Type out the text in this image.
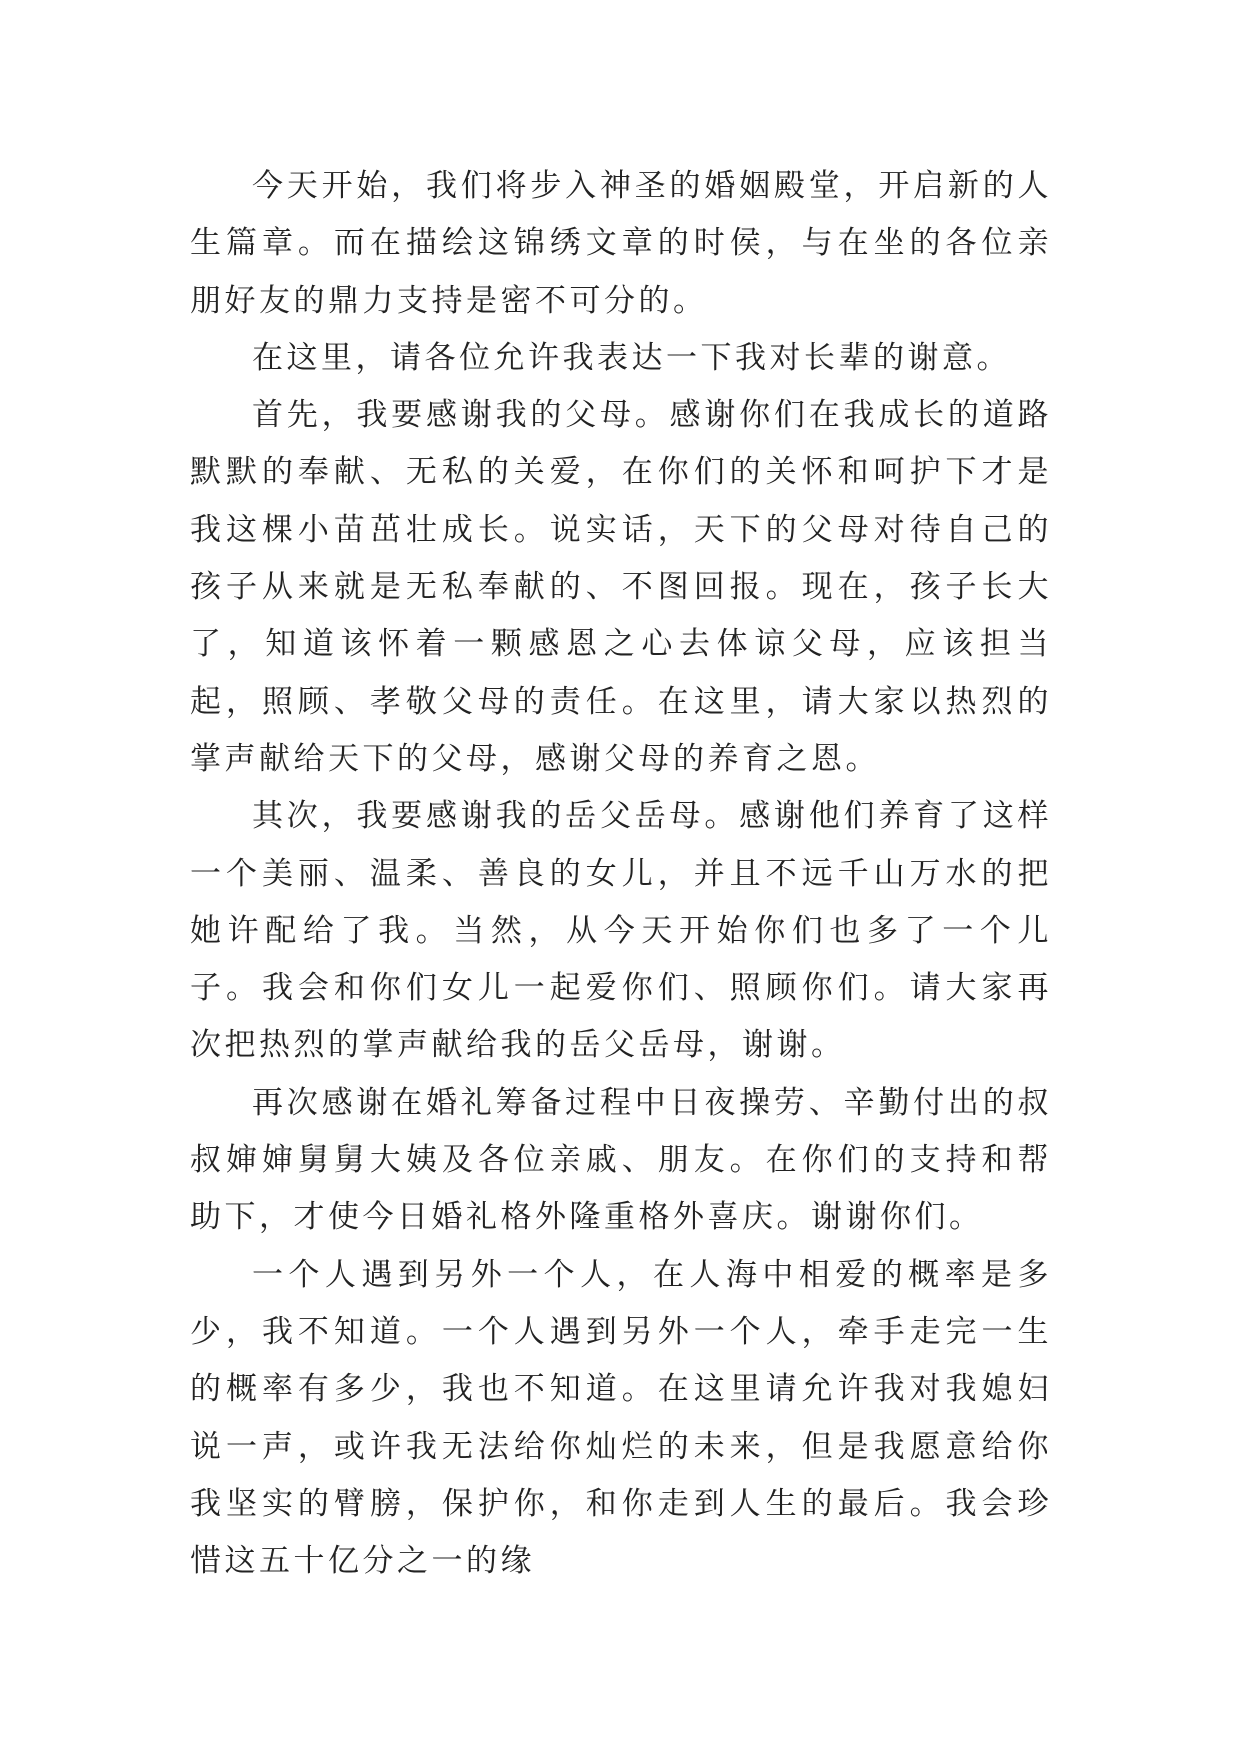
今天开始，我们将步入神圣的婚姻殿堂，开启新的人生篇章。而在描绘这锦绣文章的时侯，与在坐的各位亲朋好友的鼎力支持是密不可分的。

在这里，请各位允许我表达一下我对长辈的谢意。

首先，我要感谢我的父母。感谢你们在我成长的道路默默的奉献、无私的关爱，在你们的关怀和呵护下才是我这棵小苗茁壮成长。说实话，天下的父母对待自己的孩子从来就是无私奉献的、不图回报。现在，孩子长大了，知道该怀着一颗感恩之心去体谅父母，应该担当起，照顾、孝敬父母的责任。在这里，请大家以热烈的掌声献给天下的父母，感谢父母的养育之恩。

其次，我要感谢我的岳父岳母。感谢他们养育了这样一个美丽、温柔、善良的女儿，并且不远千山万水的把她许配给了我。当然，从今天开始你们也多了一个儿子。我会和你们女儿一起爱你们、照顾你们。请大家再次把热烈的掌声献给我的岳父岳母，谢谢。

再次感谢在婚礼筹备过程中日夜操劳、辛勤付出的叔叔婶婶舅舅大姨及各位亲戚、朋友。在你们的支持和帮助下，才使今日婚礼格外隆重格外喜庆。谢谢你们。

一个人遇到另外一个人，在人海中相爱的概率是多少，我不知道。一个人遇到另外一个人，牵手走完一生的概率有多少，我也不知道。在这里请允许我对我媳妇说一声，或许我无法给你灿烂的未来，但是我愿意给你我坚实的臂膀，保护你，和你走到人生的最后。我会珍惜这五十亿分之一的缘
